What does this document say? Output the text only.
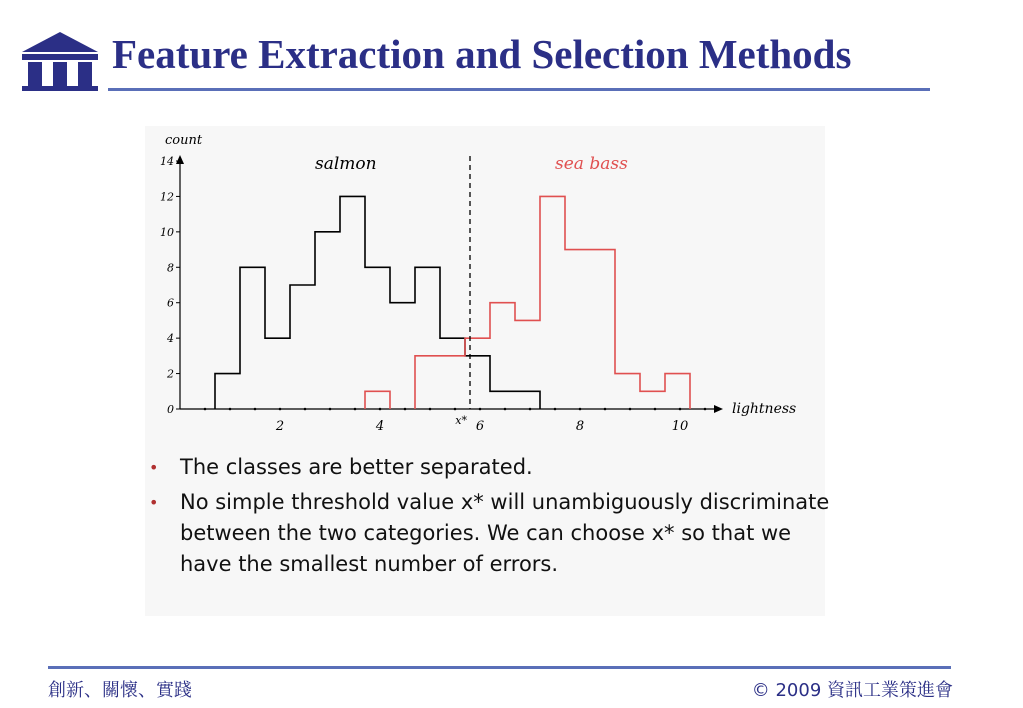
Feature Extraction and Selection Methods
count
lightness
0
2
4
6
8
10
12
14
2	4	6	8	10
x*
salmon	sea bass
• The classes are better separated.
• No simple threshold value x* will unambiguously discriminate between the two categories. We can choose x* so that we have the smallest number of errors.
創新、關懷、實踐	© 2009 資訊工業策進會
